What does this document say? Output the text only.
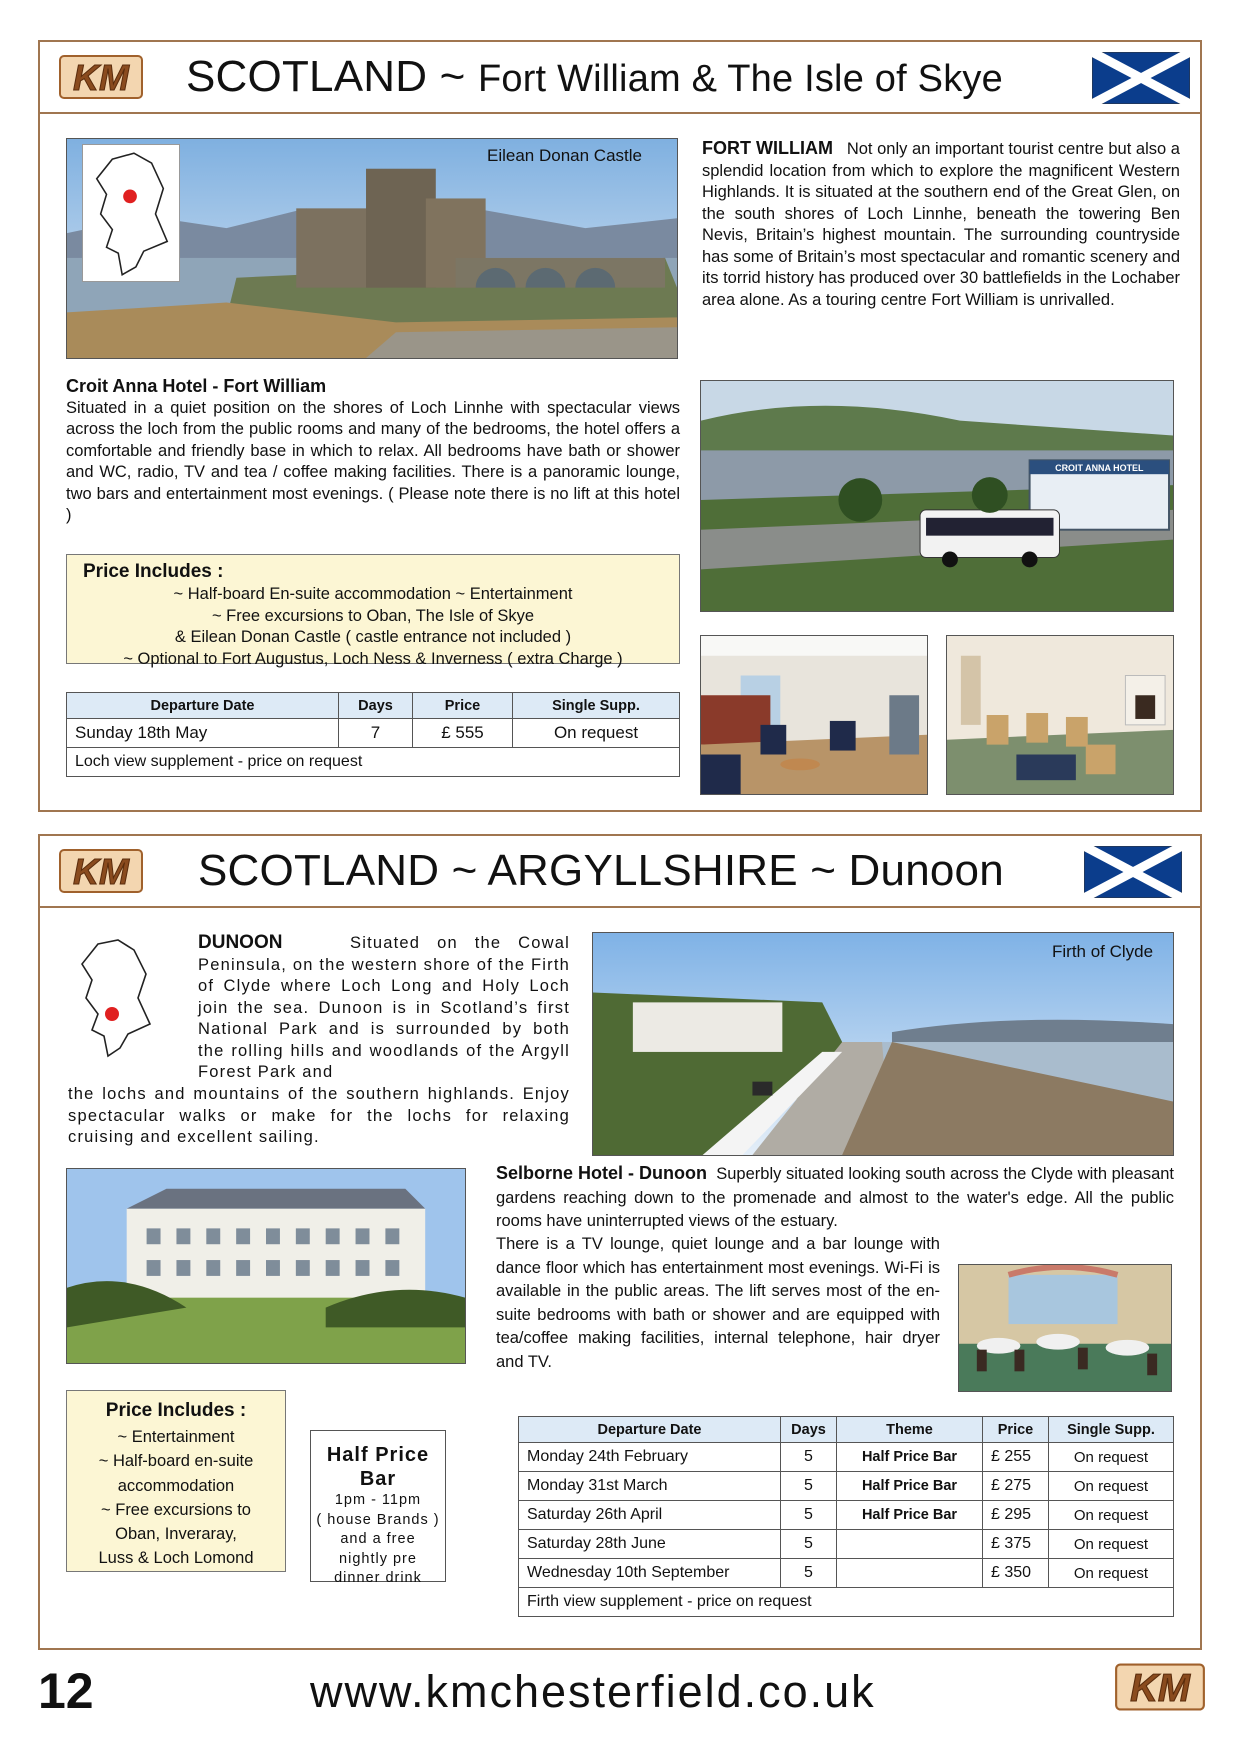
KM SCOTLAND ~ Fort William & The Isle of Skye
Eilean Donan Castle	FORT WILLIAM Not only an important tourist centre but also a splendid location from which to explore the magnificent Western Highlands. It is situated at the southern end of the Great Glen, on the south shores of Loch Linnhe, beneath the towering Ben Nevis, Britain’s highest mountain. The surrounding countryside has some of Britain’s most spectacular and romantic scenery and its torrid history has produced over 30 battlefields in the Lochaber area alone. As a touring centre Fort William is unrivalled.
Croit Anna Hotel - Fort William
Situated in a quiet position on the shores of Loch Linnhe with spectacular views across the loch from the public rooms and many of the bedrooms, the hotel offers a comfortable and friendly base in which to relax. All bedrooms have bath or shower and WC, radio, TV and tea / coffee making facilities. There is a panoramic lounge, two bars and entertainment most evenings. ( Please note there is no lift at this hotel )
Price Includes :
~ Half-board En-suite accommodation ~ Entertainment
~ Free excursions to Oban, The Isle of Skye
& Eilean Donan Castle ( castle entrance not included )
~ Optional to Fort Augustus, Loch Ness & Inverness ( extra Charge )
Departure Date	Days	Price	Single Supp.
Sunday 18th May	7	£ 555	On request
Loch view supplement - price on request			
CROIT ANNA HOTEL
KM SCOTLAND ~ ARGYLLSHIRE ~ Dunoon
DUNOON	Situated on the Cowal Peninsula, on the western shore of the Firth of Clyde where Loch Long and Holy Loch join the sea. Dunoon is in Scotland’s first National Park and is surrounded by both the rolling hills and woodlands of the Argyll Forest Park and
the lochs and mountains of the southern highlands. Enjoy spectacular walks or make for the lochs for relaxing cruising and excellent sailing.
Firth of Clyde
Selborne Hotel - Dunoon Superbly situated looking south across the Clyde with pleasant gardens reaching down to the promenade and almost to the water's edge. All the public rooms have uninterrupted views of the estuary.
There is a TV lounge, quiet lounge and a bar lounge with dance floor which has entertainment most evenings. Wi-Fi is available in the public areas. The lift serves most of the en-suite bedrooms with bath or shower and are equipped with tea/coffee making facilities, internal telephone, hair dryer and TV.
Price Includes :
~ Entertainment
~ Half-board en-suite
accommodation
~ Free excursions to
Oban, Inveraray,
Luss & Loch Lomond
Half Price Bar
1pm - 11pm
( house Brands )
and a free
nightly pre
dinner drink
Departure Date	Days	Theme	Price	Single Supp.
Monday 24th February	5	Half Price Bar	£ 255	On request
Monday 31st March	5	Half Price Bar	£ 275	On request
Saturday 26th April	5	Half Price Bar	£ 295	On request
Saturday 28th June	5		£ 375	On request
Wednesday 10th September	5		£ 350	On request
Firth view supplement - price on request				
12	www.kmchesterfield.co.uk	KM
